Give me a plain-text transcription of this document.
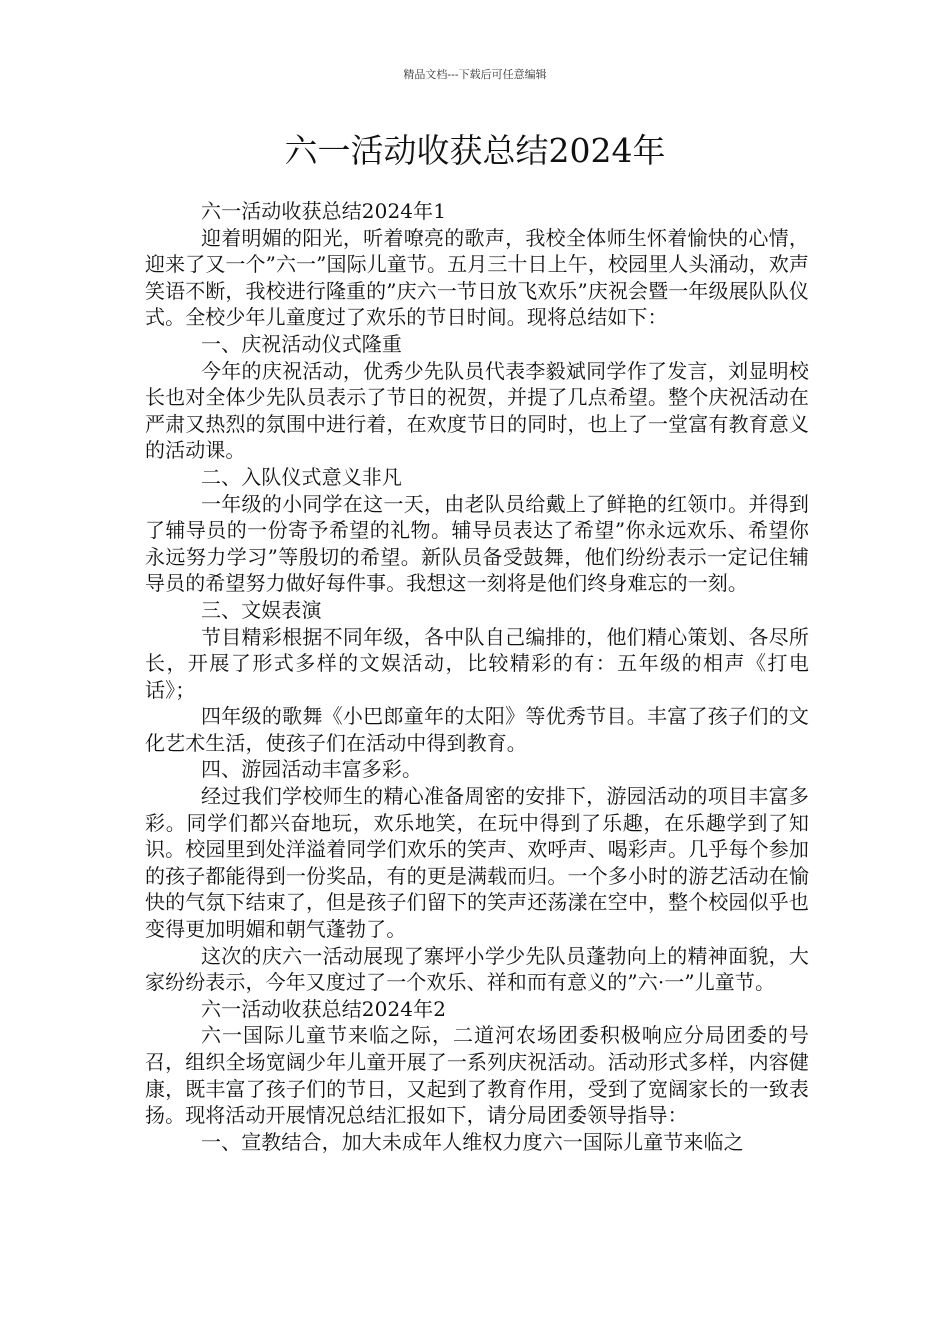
精品文档---下载后可任意编辑
六一活动收获总结2024年

六一活动收获总结2024年1

迎着明媚的阳光，听着嘹亮的歌声，我校全体师生怀着愉快的心情，迎来了又一个”六一”国际儿童节。五月三十日上午，校园里人头涌动，欢声笑语不断，我校进行隆重的”庆六一节日放飞欢乐”庆祝会暨一年级展队队仪式。全校少年儿童度过了欢乐的节日时间。现将总结如下：

一、庆祝活动仪式隆重

今年的庆祝活动，优秀少先队员代表李毅斌同学作了发言，刘显明校长也对全体少先队员表示了节日的祝贺，并提了几点希望。整个庆祝活动在严肃又热烈的氛围中进行着，在欢度节日的同时，也上了一堂富有教育意义的活动课。

二、入队仪式意义非凡

一年级的小同学在这一天，由老队员给戴上了鲜艳的红领巾。并得到了辅导员的一份寄予希望的礼物。辅导员表达了希望”你永远欢乐、希望你永远努力学习”等殷切的希望。新队员备受鼓舞，他们纷纷表示一定记住辅导员的希望努力做好每件事。我想这一刻将是他们终身难忘的一刻。

三、文娱表演

节目精彩根据不同年级，各中队自己编排的，他们精心策划、各尽所长，开展了形式多样的文娱活动，比较精彩的有：五年级的相声《打电话》；

四年级的歌舞《小巴郎童年的太阳》等优秀节目。丰富了孩子们的文化艺术生活，使孩子们在活动中得到教育。

四、游园活动丰富多彩。

经过我们学校师生的精心准备周密的安排下，游园活动的项目丰富多彩。同学们都兴奋地玩，欢乐地笑，在玩中得到了乐趣，在乐趣学到了知识。校园里到处洋溢着同学们欢乐的笑声、欢呼声、喝彩声。几乎每个参加的孩子都能得到一份奖品，有的更是满载而归。一个多小时的游艺活动在愉快的气氛下结束了，但是孩子们留下的笑声还荡漾在空中，整个校园似乎也变得更加明媚和朝气蓬勃了。

这次的庆六一活动展现了寨坪小学少先队员蓬勃向上的精神面貌，大家纷纷表示，今年又度过了一个欢乐、祥和而有意义的”六·一”儿童节。

六一活动收获总结2024年2

六一国际儿童节来临之际，二道河农场团委积极响应分局团委的号召，组织全场宽阔少年儿童开展了一系列庆祝活动。活动形式多样，内容健康，既丰富了孩子们的节日，又起到了教育作用，受到了宽阔家长的一致表扬。现将活动开展情况总结汇报如下，请分局团委领导指导：

一、宣教结合，加大未成年人维权力度六一国际儿童节来临之
